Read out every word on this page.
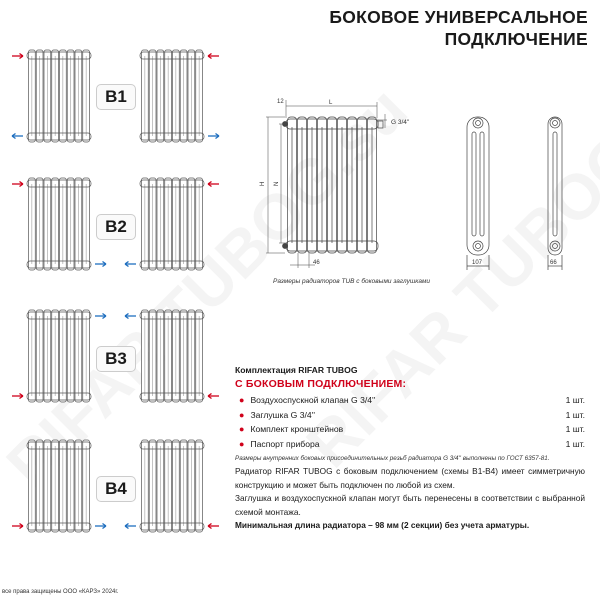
БОКОВОЕ УНИВЕРСАЛЬНОЕ
ПОДКЛЮЧЕНИЕ
B1
B2
B3
B4
12	L
G 3/4''
H N
46	107	66
Размеры радиаторов TUB с боковыми заглушками
Комплектация RIFAR TUBOG
С БОКОВЫМ ПОДКЛЮЧЕНИЕМ:
● Воздухоспускной клапан G 3/4''	1 шт.
● Заглушка G 3/4''	1 шт.
● Комплект кронштейнов	1 шт.
● Паспорт прибора	1 шт.
Размеры внутренних боковых присоединительных резьб радиатора G 3/4'' выполнены по ГОСТ 6357-81.
Радиатор RIFAR TUBOG с боковым подключением (схемы В1-В4) имеет симметричную конструкцию и может быть подключен по любой из схем.
Заглушка и воздухоспускной клапан могут быть перенесены в соответствии с выбранной схемой монтажа.
Минимальная длина радиатора – 98 мм (2 секции) без учета арматуры.
все права защищены ООО «КАРЗ» 2024г.
